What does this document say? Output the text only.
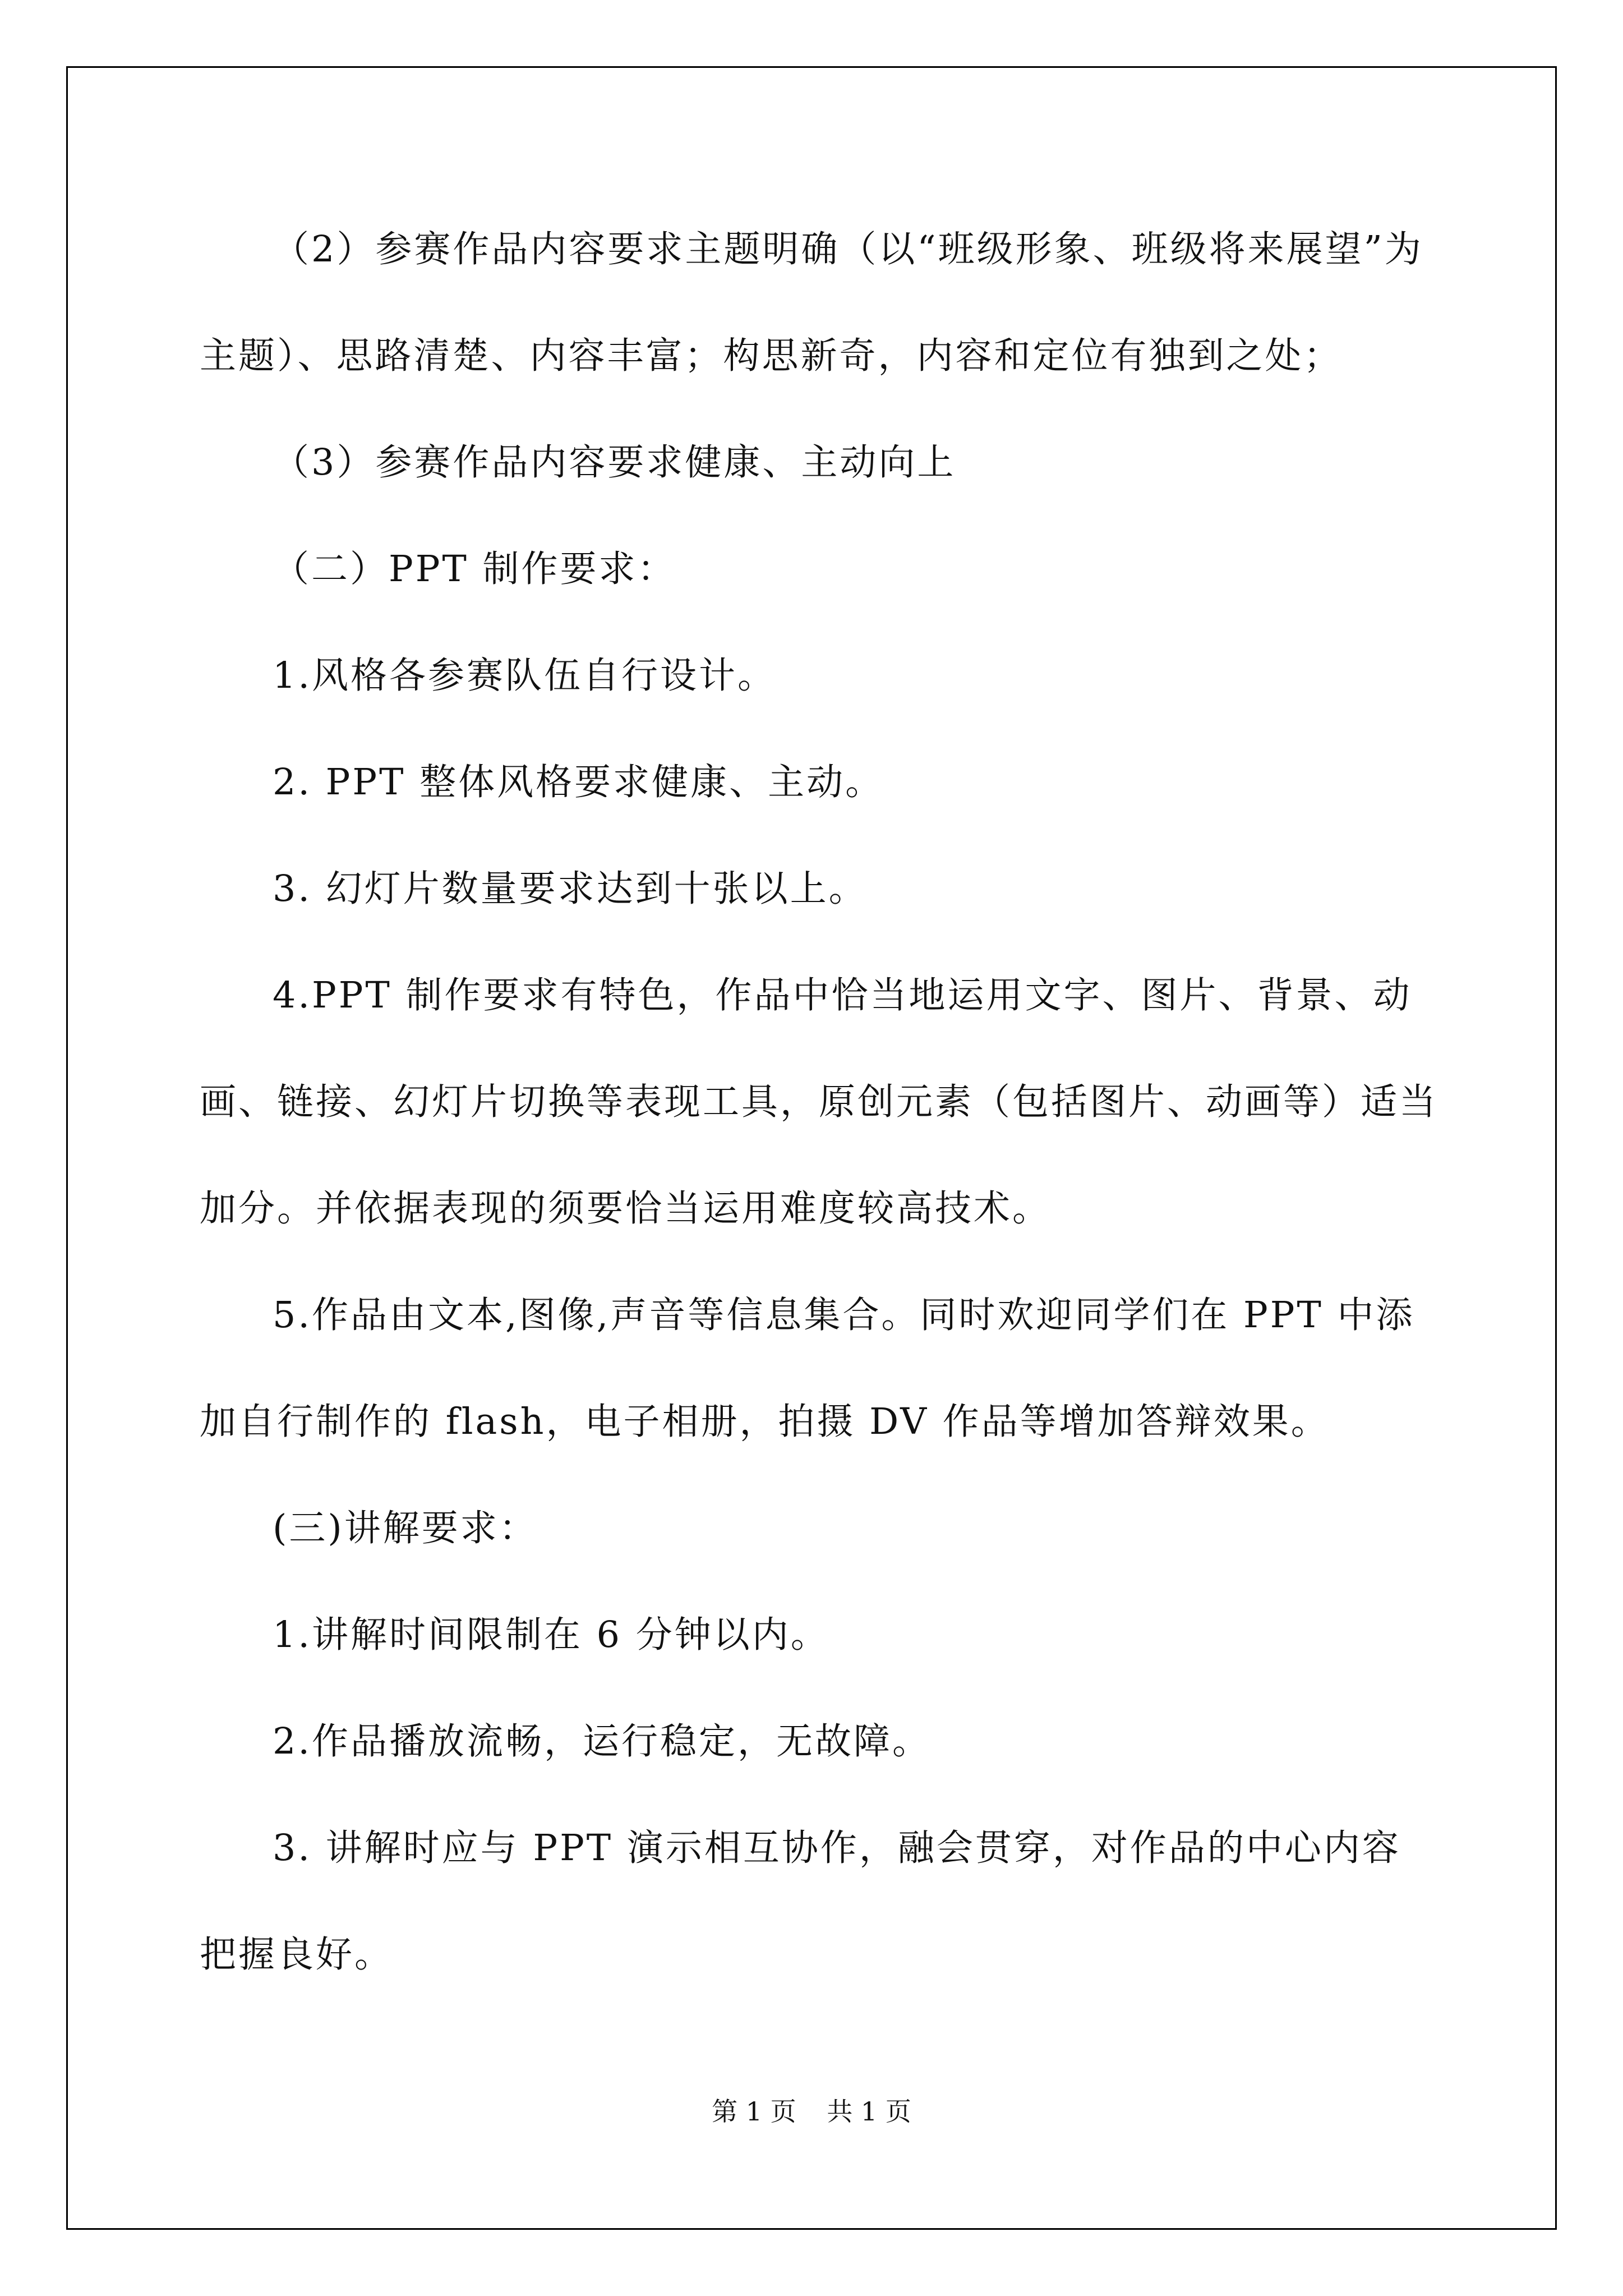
（2）参赛作品内容要求主题明确（以“班级形象、班级将来展望”为主题）、思路清楚、内容丰富；构思新奇，内容和定位有独到之处；

（3）参赛作品内容要求健康、主动向上

（二）PPT 制作要求：

1.风格各参赛队伍自行设计。

2. PPT 整体风格要求健康、主动。

3. 幻灯片数量要求达到十张以上。

4.PPT 制作要求有特色，作品中恰当地运用文字、图片、背景、动画、链接、幻灯片切换等表现工具，原创元素（包括图片、动画等）适当加分。并依据表现的须要恰当运用难度较高技术。

5.作品由文本,图像,声音等信息集合。同时欢迎同学们在 PPT 中添加自行制作的 flash，电子相册，拍摄 DV 作品等增加答辩效果。

(三)讲解要求：

1.讲解时间限制在 6 分钟以内。

2.作品播放流畅，运行稳定，无故障。

3. 讲解时应与 PPT 演示相互协作，融会贯穿，对作品的中心内容把握良好。

第 1 页 共 1 页
